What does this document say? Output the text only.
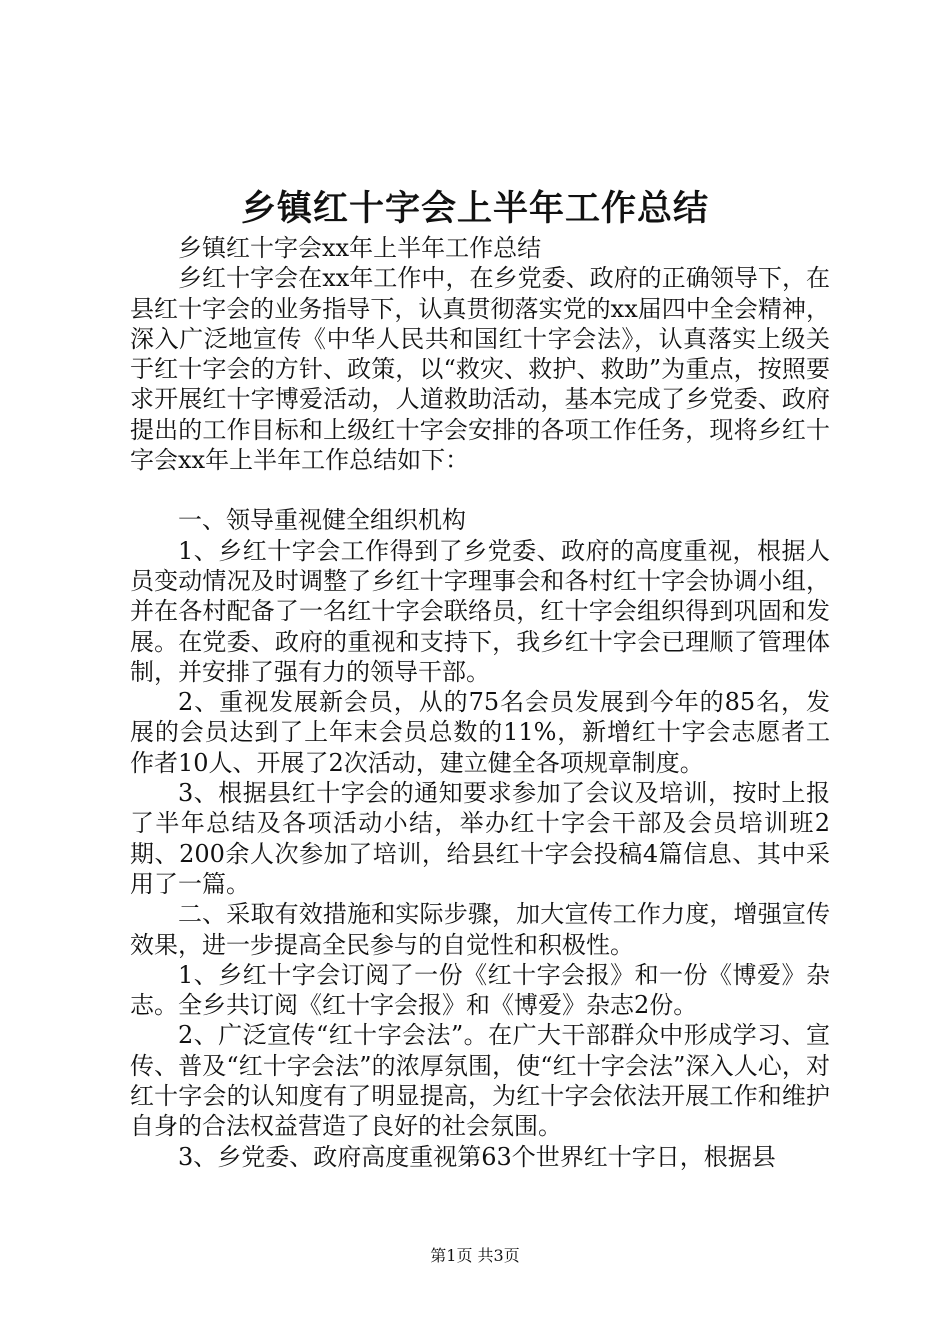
乡镇红十字会上半年工作总结

乡镇红十字会xx年上半年工作总结

乡红十字会在xx年工作中，在乡党委、政府的正确领导下，在县红十字会的业务指导下，认真贯彻落实党的xx届四中全会精神，深入广泛地宣传《中华人民共和国红十字会法》，认真落实上级关于红十字会的方针、政策，以“救灾、救护、救助”为重点，按照要求开展红十字博爱活动，人道救助活动，基本完成了乡党委、政府提出的工作目标和上级红十字会安排的各项工作任务，现将乡红十字会xx年上半年工作总结如下：

一、领导重视健全组织机构

1、乡红十字会工作得到了乡党委、政府的高度重视，根据人员变动情况及时调整了乡红十字理事会和各村红十字会协调小组，并在各村配备了一名红十字会联络员，红十字会组织得到巩固和发展。在党委、政府的重视和支持下，我乡红十字会已理顺了管理体制，并安排了强有力的领导干部。

2、重视发展新会员，从的75名会员发展到今年的85名，发展的会员达到了上年末会员总数的11%，新增红十字会志愿者工作者10人、开展了2次活动，建立健全各项规章制度。

3、根据县红十字会的通知要求参加了会议及培训，按时上报了半年总结及各项活动小结，举办红十字会干部及会员培训班2期、200余人次参加了培训，给县红十字会投稿4篇信息、其中采用了一篇。

二、采取有效措施和实际步骤，加大宣传工作力度，增强宣传效果，进一步提高全民参与的自觉性和积极性。

1、乡红十字会订阅了一份《红十字会报》和一份《博爱》杂志。全乡共订阅《红十字会报》和《博爱》杂志2份。

2、广泛宣传“红十字会法”。在广大干部群众中形成学习、宣传、普及“红十字会法”的浓厚氛围，使“红十字会法”深入人心，对红十字会的认知度有了明显提高，为红十字会依法开展工作和维护自身的合法权益营造了良好的社会氛围。

3、乡党委、政府高度重视第63个世界红十字日，根据县

第1页 共3页
